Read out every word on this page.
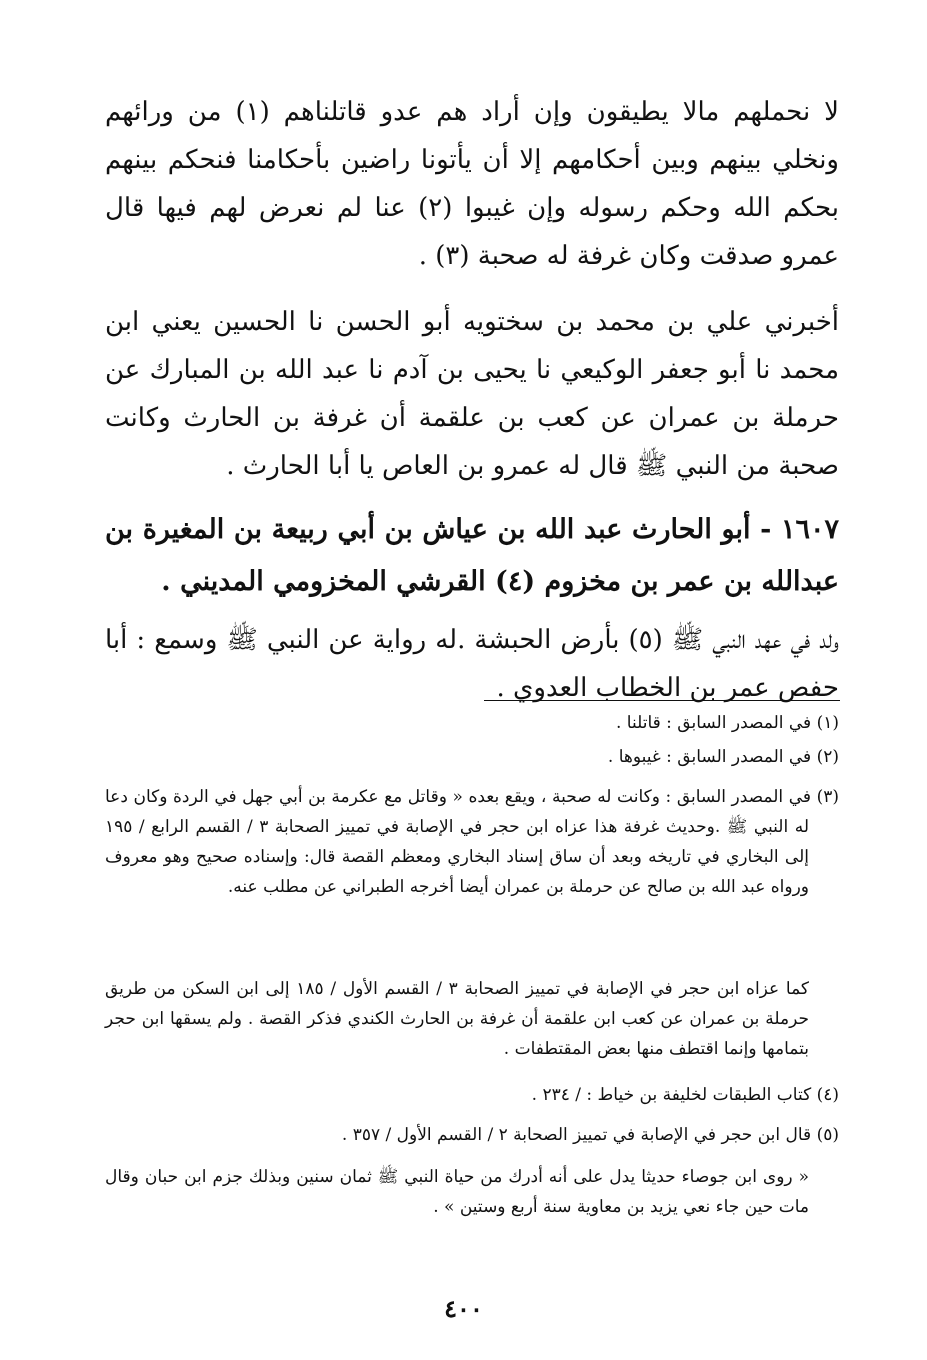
لا نحملهم مالا يطيقون وإن أراد هم عدو قاتلناهم (١) من ورائهم ونخلي بينهم وبين أحكامهم إلا أن يأتونا راضين بأحكامنا فنحكم بينهم بحكم الله وحكم رسوله وإن غيبوا (٢) عنا لم نعرض لهم فيها قال عمرو صدقت وكان غرفة له صحبة (٣) .

أخبرني علي بن محمد بن سختويه أبو الحسن نا الحسين يعني ابن محمد نا أبو جعفر الوكيعي نا يحيى بن آدم نا عبد الله بن المبارك عن حرملة بن عمران عن كعب بن علقمة أن غرفة بن الحارث وكانت صحبة من النبي ﷺ قال له عمرو بن العاص يا أبا الحارث .

١٦٠٧ - أبو الحارث عبد الله بن عياش بن أبي ربيعة بن المغيرة بن عبدالله بن عمر بن مخزوم (٤) القرشي المخزومي المديني .

ولد في عهد النبي ﷺ (٥) بأرض الحبشة .له رواية عن النبي ﷺ وسمع : أبا حفص عمر بن الخطاب العدوي .

(١) في المصدر السابق : قاتلنا .

(٢) في المصدر السابق : غيبوها .

(٣) في المصدر السابق : وكانت له صحبة ، ويقع بعده « وقاتل مع عكرمة بن أبي جهل في الردة وكان دعا له النبي ﷺ .وحديث غرفة هذا عزاه ابن حجر في الإصابة في تمييز الصحابة ٣ / القسم الرابع / ١٩٥ إلى البخاري في تاريخه وبعد أن ساق إسناد البخاري ومعظم القصة قال: وإسناده صحيح وهو معروف ورواه عبد الله بن صالح عن حرملة بن عمران أيضا أخرجه الطبراني عن مطلب عنه.

كما عزاه ابن حجر في الإصابة في تمييز الصحابة ٣ / القسم الأول / ١٨٥ إلى ابن السكن من طريق حرملة بن عمران عن كعب ابن علقمة أن غرفة بن الحارث الكندي فذكر القصة . ولم يسقها ابن حجر بتمامها وإنما اقتطف منها بعض المقتطفات .

(٤) كتاب الطبقات لخليفة بن خياط : / ٢٣٤ .

(٥) قال ابن حجر في الإصابة في تمييز الصحابة ٢ / القسم الأول / ٣٥٧ .

« روى ابن جوصاء حديثا يدل على أنه أدرك من حياة النبي ﷺ ثمان سنين وبذلك جزم ابن حبان وقال مات حين جاء نعي يزيد بن معاوية سنة أربع وستين » .

٤٠٠
